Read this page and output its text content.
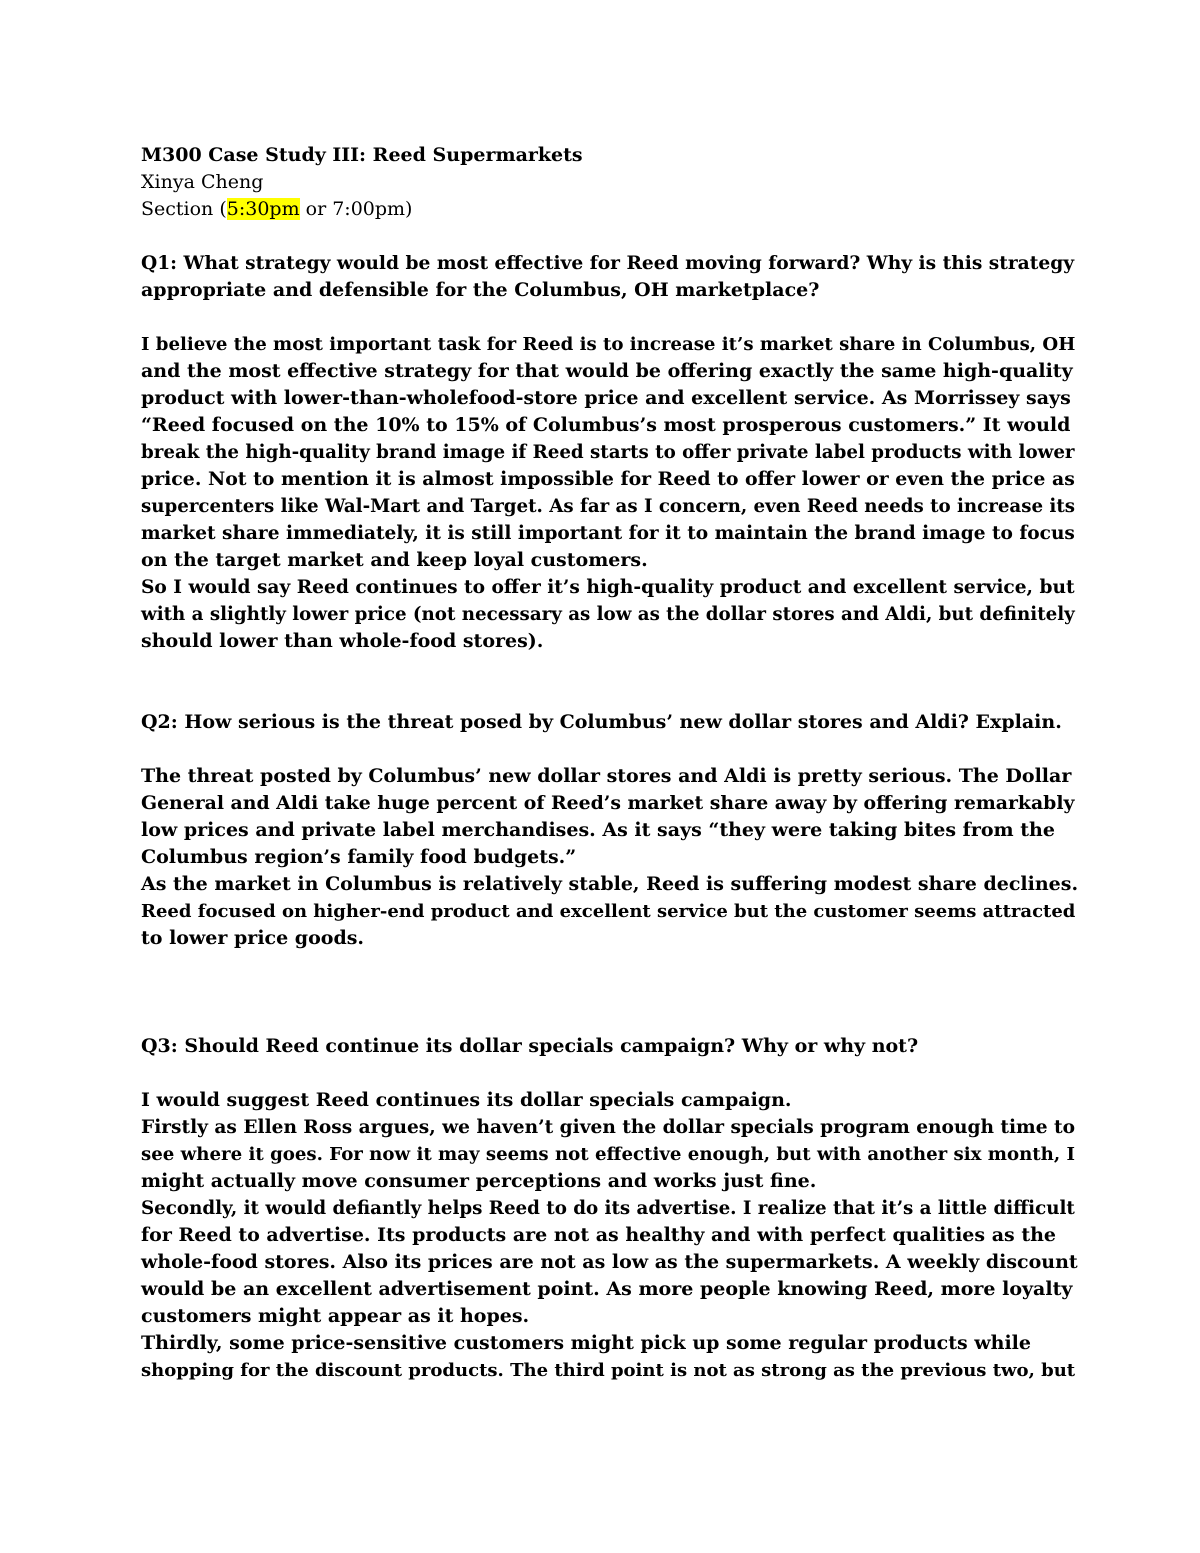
M300 Case Study III: Reed Supermarkets
Xinya Cheng
Section (5:30pm or 7:00pm)
Q1: What strategy would be most effective for Reed moving forward? Why is this strategy
appropriate and defensible for the Columbus, OH marketplace?
I believe the most important task for Reed is to increase it’s market share in Columbus, OH
and the most effective strategy for that would be offering exactly the same high-quality
product with lower-than-wholefood-store price and excellent service. As Morrissey says
“Reed focused on the 10% to 15% of Columbus’s most prosperous customers.” It would
break the high-quality brand image if Reed starts to offer private label products with lower
price. Not to mention it is almost impossible for Reed to offer lower or even the price as
supercenters like Wal-Mart and Target. As far as I concern, even Reed needs to increase its
market share immediately, it is still important for it to maintain the brand image to focus
on the target market and keep loyal customers.
So I would say Reed continues to offer it’s high-quality product and excellent service, but
with a slightly lower price (not necessary as low as the dollar stores and Aldi, but definitely
should lower than whole-food stores).
Q2: How serious is the threat posed by Columbus’ new dollar stores and Aldi? Explain.
The threat posted by Columbus’ new dollar stores and Aldi is pretty serious. The Dollar
General and Aldi take huge percent of Reed’s market share away by offering remarkably
low prices and private label merchandises. As it says “they were taking bites from the
Columbus region’s family food budgets.”
As the market in Columbus is relatively stable, Reed is suffering modest share declines.
Reed focused on higher-end product and excellent service but the customer seems attracted
to lower price goods.
Q3: Should Reed continue its dollar specials campaign? Why or why not?
I would suggest Reed continues its dollar specials campaign.
Firstly as Ellen Ross argues, we haven’t given the dollar specials program enough time to
see where it goes. For now it may seems not effective enough, but with another six month, I
might actually move consumer perceptions and works just fine.
Secondly, it would defiantly helps Reed to do its advertise. I realize that it’s a little difficult
for Reed to advertise. Its products are not as healthy and with perfect qualities as the
whole-food stores. Also its prices are not as low as the supermarkets. A weekly discount
would be an excellent advertisement point. As more people knowing Reed, more loyalty
customers might appear as it hopes.
Thirdly, some price-sensitive customers might pick up some regular products while
shopping for the discount products. The third point is not as strong as the previous two, but
